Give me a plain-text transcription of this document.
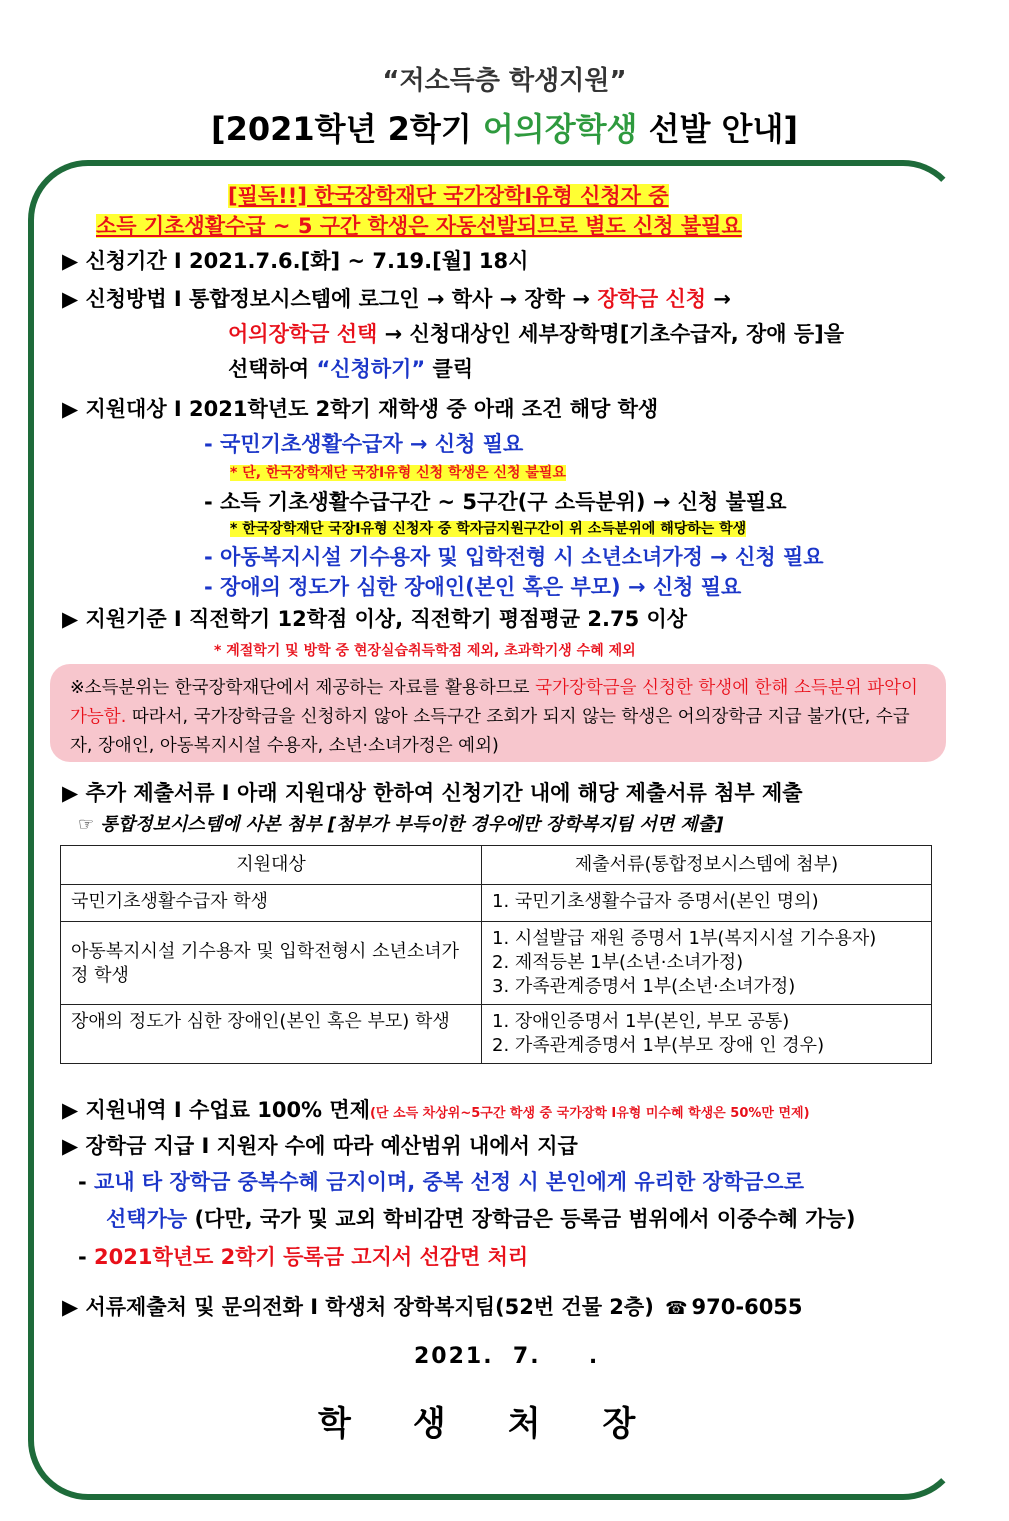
“저소득층 학생지원”
[2021학년 2학기 어의장학생 선발 안내]
[필독!!] 한국장학재단 국가장학Ⅰ유형 신청자 중
소득 기초생활수급 ~ 5 구간 학생은 자동선발되므로 별도 신청 불필요
▶ 신청기간 Ⅰ 2021.7.6.[화] ~ 7.19.[월] 18시
▶ 신청방법 Ⅰ 통합정보시스템에 로그인 → 학사 → 장학 → 장학금 신청 →
어의장학금 선택 → 신청대상인 세부장학명[기초수급자, 장애 등]을
선택하여 “신청하기” 클릭
▶ 지원대상 Ⅰ 2021학년도 2학기 재학생 중 아래 조건 해당 학생
- 국민기초생활수급자 → 신청 필요
* 단, 한국장학재단 국장Ⅰ유형 신청 학생은 신청 불필요
- 소득 기초생활수급구간 ~ 5구간(구 소득분위) → 신청 불필요
* 한국장학재단 국장Ⅰ유형 신청자 중 학자금지원구간이 위 소득분위에 해당하는 학생
- 아동복지시설 기수용자 및 입학전형 시 소년소녀가정 → 신청 필요
- 장애의 정도가 심한 장애인(본인 혹은 부모) → 신청 필요
▶ 지원기준 Ⅰ 직전학기 12학점 이상, 직전학기 평점평균 2.75 이상
* 계절학기 및 방학 중 현장실습취득학점 제외, 초과학기생 수혜 제외
※소득분위는 한국장학재단에서 제공하는 자료를 활용하므로 국가장학금을 신청한 학생에 한해 소득분위 파악이 가능함. 따라서, 국가장학금을 신청하지 않아 소득구간 조회가 되지 않는 학생은 어의장학금 지급 불가(단, 수급자, 장애인, 아동복지시설 수용자, 소년·소녀가정은 예외)
▶ 추가 제출서류 Ⅰ 아래 지원대상 한하여 신청기간 내에 해당 제출서류 첨부 제출
☞ 통합정보시스템에 사본 첨부 [첨부가 부득이한 경우에만 장학복지팀 서면 제출]
지원대상	제출서류(통합정보시스템에 첨부)
국민기초생활수급자 학생	1. 국민기초생활수급자 증명서(본인 명의)

아동복지시설 기수용자 및 입학전형시 소년소녀가정 학생	1. 시설발급 재원 증명서 1부(복지시설 기수용자)
2. 제적등본 1부(소년·소녀가정)
3. 가족관계증명서 1부(소년·소녀가정)

장애의 정도가 심한 장애인(본인 혹은 부모) 학생	1. 장애인증명서 1부(본인, 부모 공통)
2. 가족관계증명서 1부(부모 장애 인 경우)
▶ 지원내역 Ⅰ 수업료 100% 면제(단 소득 차상위~5구간 학생 중 국가장학 Ⅰ유형 미수혜 학생은 50%만 면제)
▶ 장학금 지급 Ⅰ 지원자 수에 따라 예산범위 내에서 지급
- 교내 타 장학금 중복수혜 금지이며, 중복 선정 시 본인에게 유리한 장학금으로
선택가능 (다만, 국가 및 교외 학비감면 장학금은 등록금 범위에서 이중수혜 가능)
- 2021학년도 2학기 등록금 고지서 선감면 처리
▶ 서류제출처 및 문의전화 Ⅰ 학생처 장학복지팀(52번 건물 2층) ☎ 970-6055
2021.  7.     .
학생처장
